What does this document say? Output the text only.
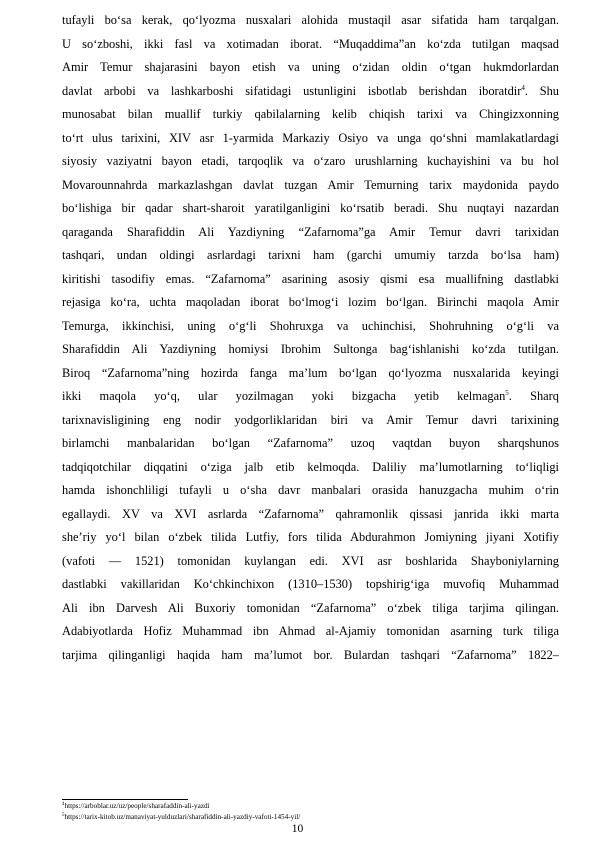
tufayli boʻsa kerak, qoʻlyozma nusxalari alohida mustaqil asar sifatida ham tarqalgan.
U soʻzboshi, ikki fasl va xotimadan iborat. “Muqaddima”an koʻzda tutilgan maqsad
Amir Temur shajarasini bayon etish va uning oʻzidan oldin oʻtgan hukmdorlardan
davlat arbobi va lashkarboshi sifatidagi ustunligini isbotlab berishdan iboratdir$^4$. Shu
munosabat bilan muallif turkiy qabilalarning kelib chiqish tarixi va Chingizxonning
toʻrt ulus tarixini, XIV asr 1-yarmida Markaziy Osiyo va unga qoʻshni mamlakatlardagi
siyosiy vaziyatni bayon etadi, tarqoqlik va oʻzaro urushlarning kuchayishini va bu hol
Movarounnahrda markazlashgan davlat tuzgan Amir Temurning tarix maydonida paydo
boʻlishiga bir qadar shart-sharoit yaratilganligini koʻrsatib beradi. Shu nuqtayi nazardan
qaraganda Sharafiddin Ali Yazdiyning “Zafarnoma”ga Amir Temur davri tarixidan
tashqari, undan oldingi asrlardagi tarixni ham (garchi umumiy tarzda boʻlsa ham)
kiritishi tasodifiy emas. “Zafarnoma” asarining asosiy qismi esa muallifning dastlabki
rejasiga koʻra, uchta maqoladan iborat boʻlmogʻi lozim boʻlgan. Birinchi maqola Amir
Temurga, ikkinchisi, uning oʻgʻli Shohruxga va uchinchisi, Shohruhning oʻgʻli va
Sharafiddin Ali Yazdiyning homiysi Ibrohim Sultonga bagʻishlanishi koʻzda tutilgan.
Biroq “Zafarnoma”ning hozirda fanga maʼlum boʻlgan qoʻlyozma nusxalarida keyingi
ikki maqola yoʻq, ular yozilmagan yoki bizgacha yetib kelmagan$^5$. Sharq
tarixnavisligining eng nodir yodgorliklaridan biri va Amir Temur davri tarixining
birlamchi manbalaridan boʻlgan “Zafarnoma” uzoq vaqtdan buyon sharqshunos
tadqiqotchilar diqqatini oʻziga jalb etib kelmoqda. Daliliy maʼlumotlarning toʻliqligi
hamda ishonchliligi tufayli u oʻsha davr manbalari orasida hanuzgacha muhim oʻrin
egallaydi. XV va XVI asrlarda “Zafarnoma” qahramonlik qissasi janrida ikki marta
sheʼriy yoʻl bilan oʻzbek tilida Lutfiy, fors tilida Abdurahmon Jomiyning jiyani Xotifiy
(vafoti — 1521) tomonidan kuylangan edi. XVI asr boshlarida Shayboniylarning
dastlabki vakillaridan Koʻchkinchixon (1310–1530) topshirigʻiga muvofiq Muhammad
Ali ibn Darvesh Ali Buxoriy tomonidan “Zafarnoma” oʻzbek tiliga tarjima qilingan.
Adabiyotlarda Hofiz Muhammad ibn Ahmad al-Ajamiy tomonidan asarning turk tiliga
tarjima qilinganligi haqida ham maʼlumot bor. Bulardan tashqari “Zafarnoma” 1822–
$^4$https://arboblar.uz/uz/people/sharafaddin-ali-yazdi
$^5$https://tarix-kitob.uz/manaviyat-yulduzlari/sharafiddin-ali-yazdiy-vafoti-1454-yil/
10
